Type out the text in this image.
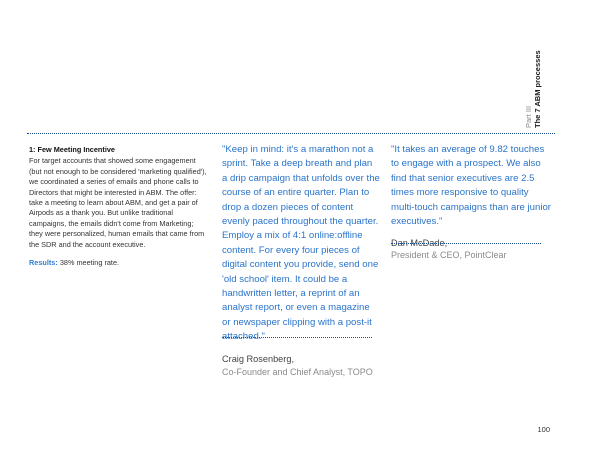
Part III The 7 ABM processes
1: Few Meeting Incentive
For target accounts that showed some engagement (but not enough to be considered 'marketing qualified'), we coordinated a series of emails and phone calls to Directors that might be interested in ABM. The offer: take a meeting to learn about ABM, and get a pair of Airpods as a thank you. But unlike traditional campaigns, the emails didn't come from Marketing; they were personalized, human emails that came from the SDR and the account executive.
Results: 38% meeting rate.
"Keep in mind: it's a marathon not a sprint. Take a deep breath and plan a drip campaign that unfolds over the course of an entire quarter. Plan to drop a dozen pieces of content evenly paced throughout the quarter. Employ a mix of 4:1 online:offline content. For every four pieces of digital content you provide, send one 'old school' item. It could be a handwritten letter, a reprint of an analyst report, or even a magazine or newspaper clipping with a post-it attached."
Craig Rosenberg,
Co-Founder and Chief Analyst, TOPO
"It takes an average of 9.82 touches to engage with a prospect. We also find that senior executives are 2.5 times more responsive to quality multi-touch campaigns than are junior executives."
Dan McDade,
President & CEO, PointClear
100
